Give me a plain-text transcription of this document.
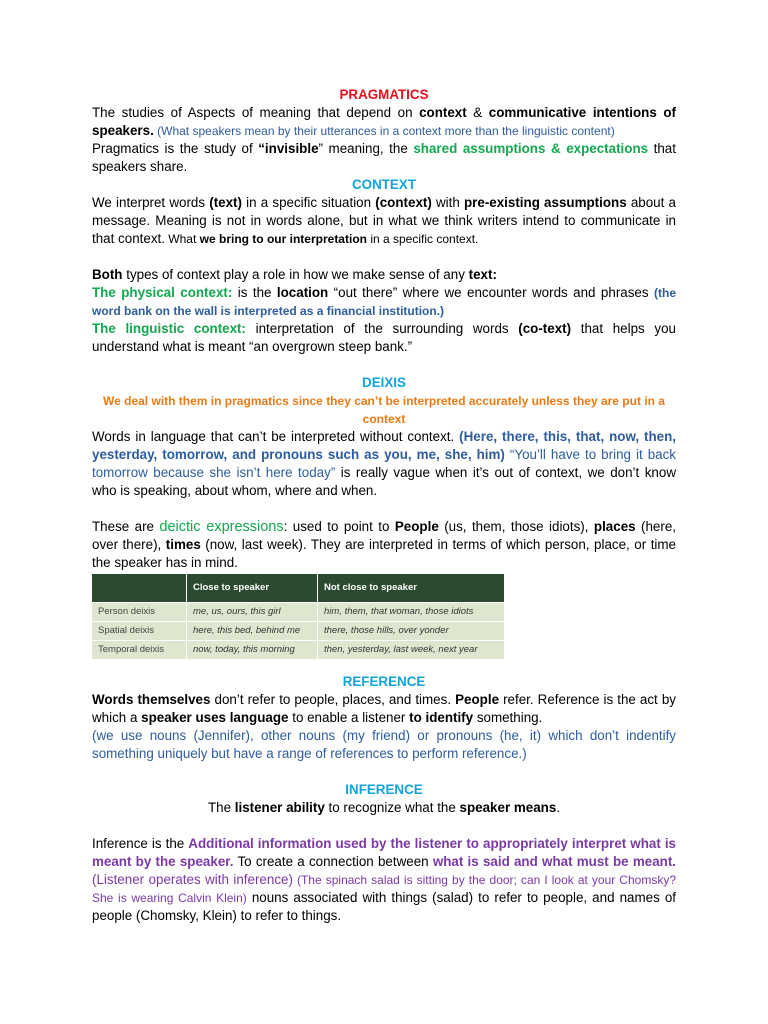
PRAGMATICS

The studies of Aspects of meaning that depend on context & communicative intentions of speakers. (What speakers mean by their utterances in a context more than the linguistic content)

Pragmatics is the study of “invisible” meaning, the shared assumptions & expectations that speakers share.

CONTEXT

We interpret words (text) in a specific situation (context) with pre-existing assumptions about a message. Meaning is not in words alone, but in what we think writers intend to communicate in that context. What we bring to our interpretation in a specific context.

Both types of context play a role in how we make sense of any text:

The physical context: is the location “out there” where we encounter words and phrases (the word bank on the wall is interpreted as a financial institution.)

The linguistic context: interpretation of the surrounding words (co-text) that helps you understand what is meant “an overgrown steep bank.”

DEIXIS

We deal with them in pragmatics since they can’t be interpreted accurately unless they are put in a context

Words in language that can’t be interpreted without context. (Here, there, this, that, now, then, yesterday, tomorrow, and pronouns such as you, me, she, him) “You’ll have to bring it back tomorrow because she isn’t here today” is really vague when it’s out of context, we don’t know who is speaking, about whom, where and when.

These are deictic expressions: used to point to People (us, them, those idiots), places (here, over there), times (now, last week). They are interpreted in terms of which person, place, or time the speaker has in mind.

	Close to speaker	Not close to speaker
Person deixis	me, us, ours, this girl	him, them, that woman, those idiots
Spatial deixis	here, this bed, behind me	there, those hills, over yonder
Temporal deixis	now, today, this morning	then, yesterday, last week, next year

REFERENCE

Words themselves don’t refer to people, places, and times. People refer. Reference is the act by which a speaker uses language to enable a listener to identify something.

(we use nouns (Jennifer), other nouns (my friend) or pronouns (he, it) which don’t indentify something uniquely but have a range of references to perform reference.)

INFERENCE

The listener ability to recognize what the speaker means.

Inference is the Additional information used by the listener to appropriately interpret what is meant by the speaker. To create a connection between what is said and what must be meant. (Listener operates with inference) (The spinach salad is sitting by the door; can I look at your Chomsky? She is wearing Calvin Klein) nouns associated with things (salad) to refer to people, and names of people (Chomsky, Klein) to refer to things.
